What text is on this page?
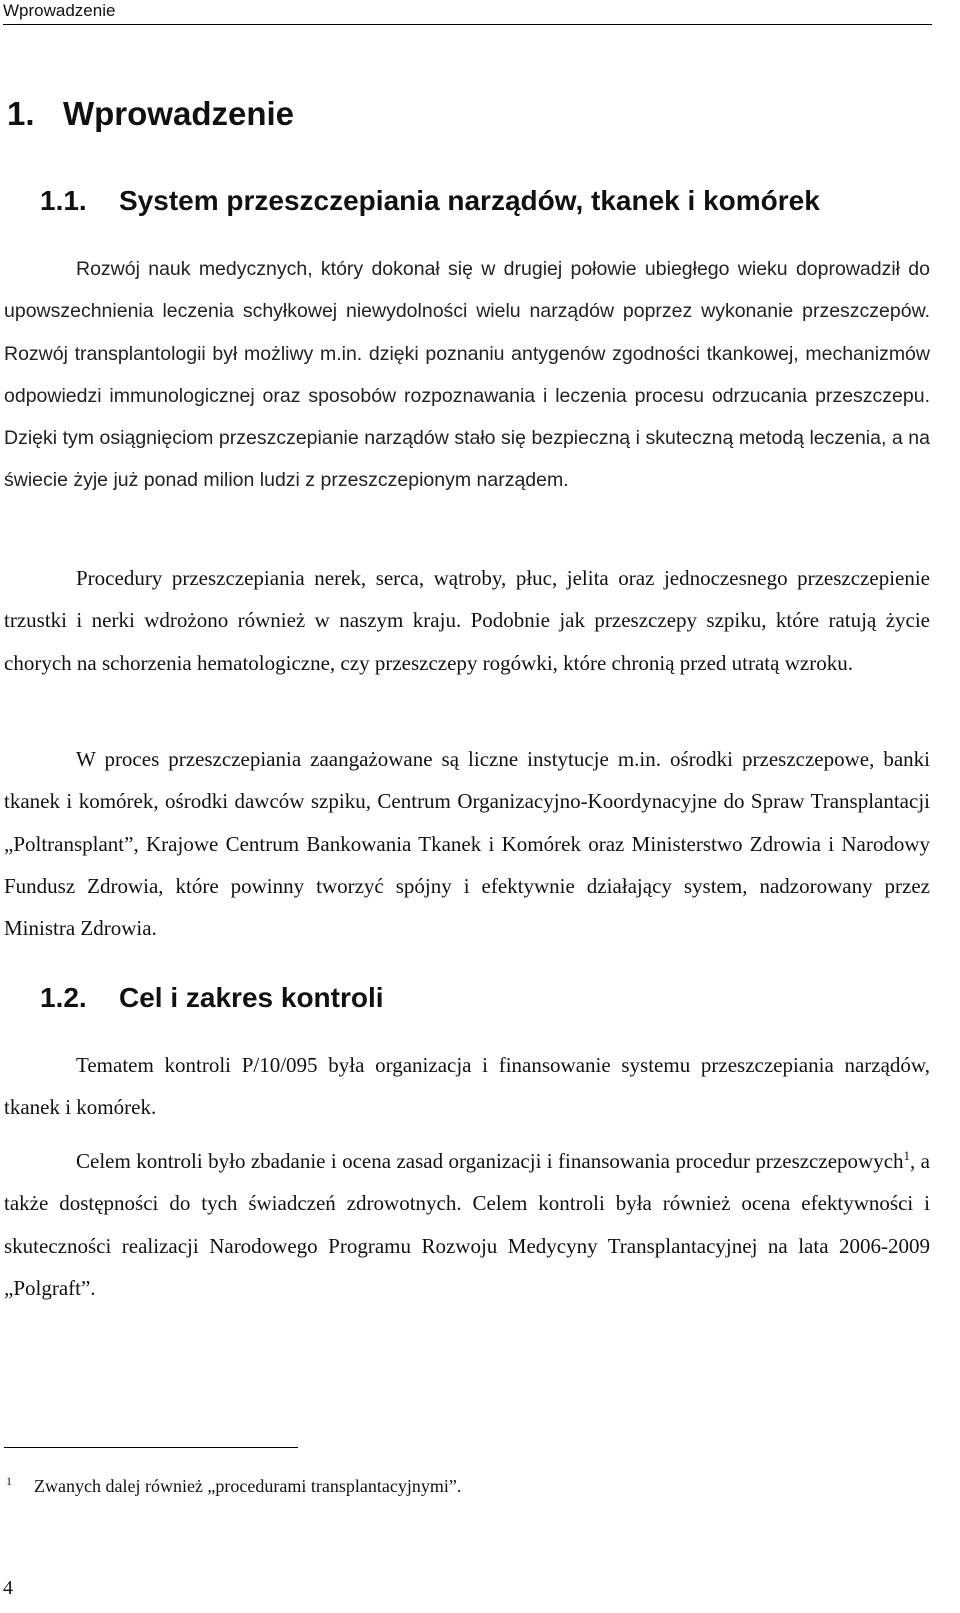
Wprowadzenie
1. Wprowadzenie
1.1. System przeszczepiania narządów, tkanek i komórek

Rozwój nauk medycznych, który dokonał się w drugiej połowie ubiegłego wieku doprowadził do upowszechnienia leczenia schyłkowej niewydolności wielu narządów poprzez wykonanie przeszczepów. Rozwój transplantologii był możliwy m.in. dzięki poznaniu antygenów zgodności tkankowej, mechanizmów odpowiedzi immunologicznej oraz sposobów rozpoznawania i leczenia procesu odrzucania przeszczepu. Dzięki tym osiągnięciom przeszczepianie narządów stało się bezpieczną i skuteczną metodą leczenia, a na świecie żyje już ponad milion ludzi z przeszczepionym narządem.

Procedury przeszczepiania nerek, serca, wątroby, płuc, jelita oraz jednoczesnego przeszczepienie trzustki i nerki wdrożono również w naszym kraju. Podobnie jak przeszczepy szpiku, które ratują życie chorych na schorzenia hematologiczne, czy przeszczepy rogówki, które chronią przed utratą wzroku.

W proces przeszczepiania zaangażowane są liczne instytucje m.in. ośrodki przeszczepowe, banki tkanek i komórek, ośrodki dawców szpiku, Centrum Organizacyjno-Koordynacyjne do Spraw Transplantacji „Poltransplant”, Krajowe Centrum Bankowania Tkanek i Komórek oraz Ministerstwo Zdrowia i Narodowy Fundusz Zdrowia, które powinny tworzyć spójny i efektywnie działający system, nadzorowany przez Ministra Zdrowia.

1.2. Cel i zakres kontroli

Tematem kontroli P/10/095 była organizacja i finansowanie systemu przeszczepiania narządów, tkanek i komórek.

Celem kontroli było zbadanie i ocena zasad organizacji i finansowania procedur przeszczepowych$^1$, a także dostępności do tych świadczeń zdrowotnych. Celem kontroli była również ocena efektywności i skuteczności realizacji Narodowego Programu Rozwoju Medycyny Transplantacyjnej na lata 2006-2009 „Polgraft”.

1 Zwanych dalej również „procedurami transplantacyjnymi”.
4
